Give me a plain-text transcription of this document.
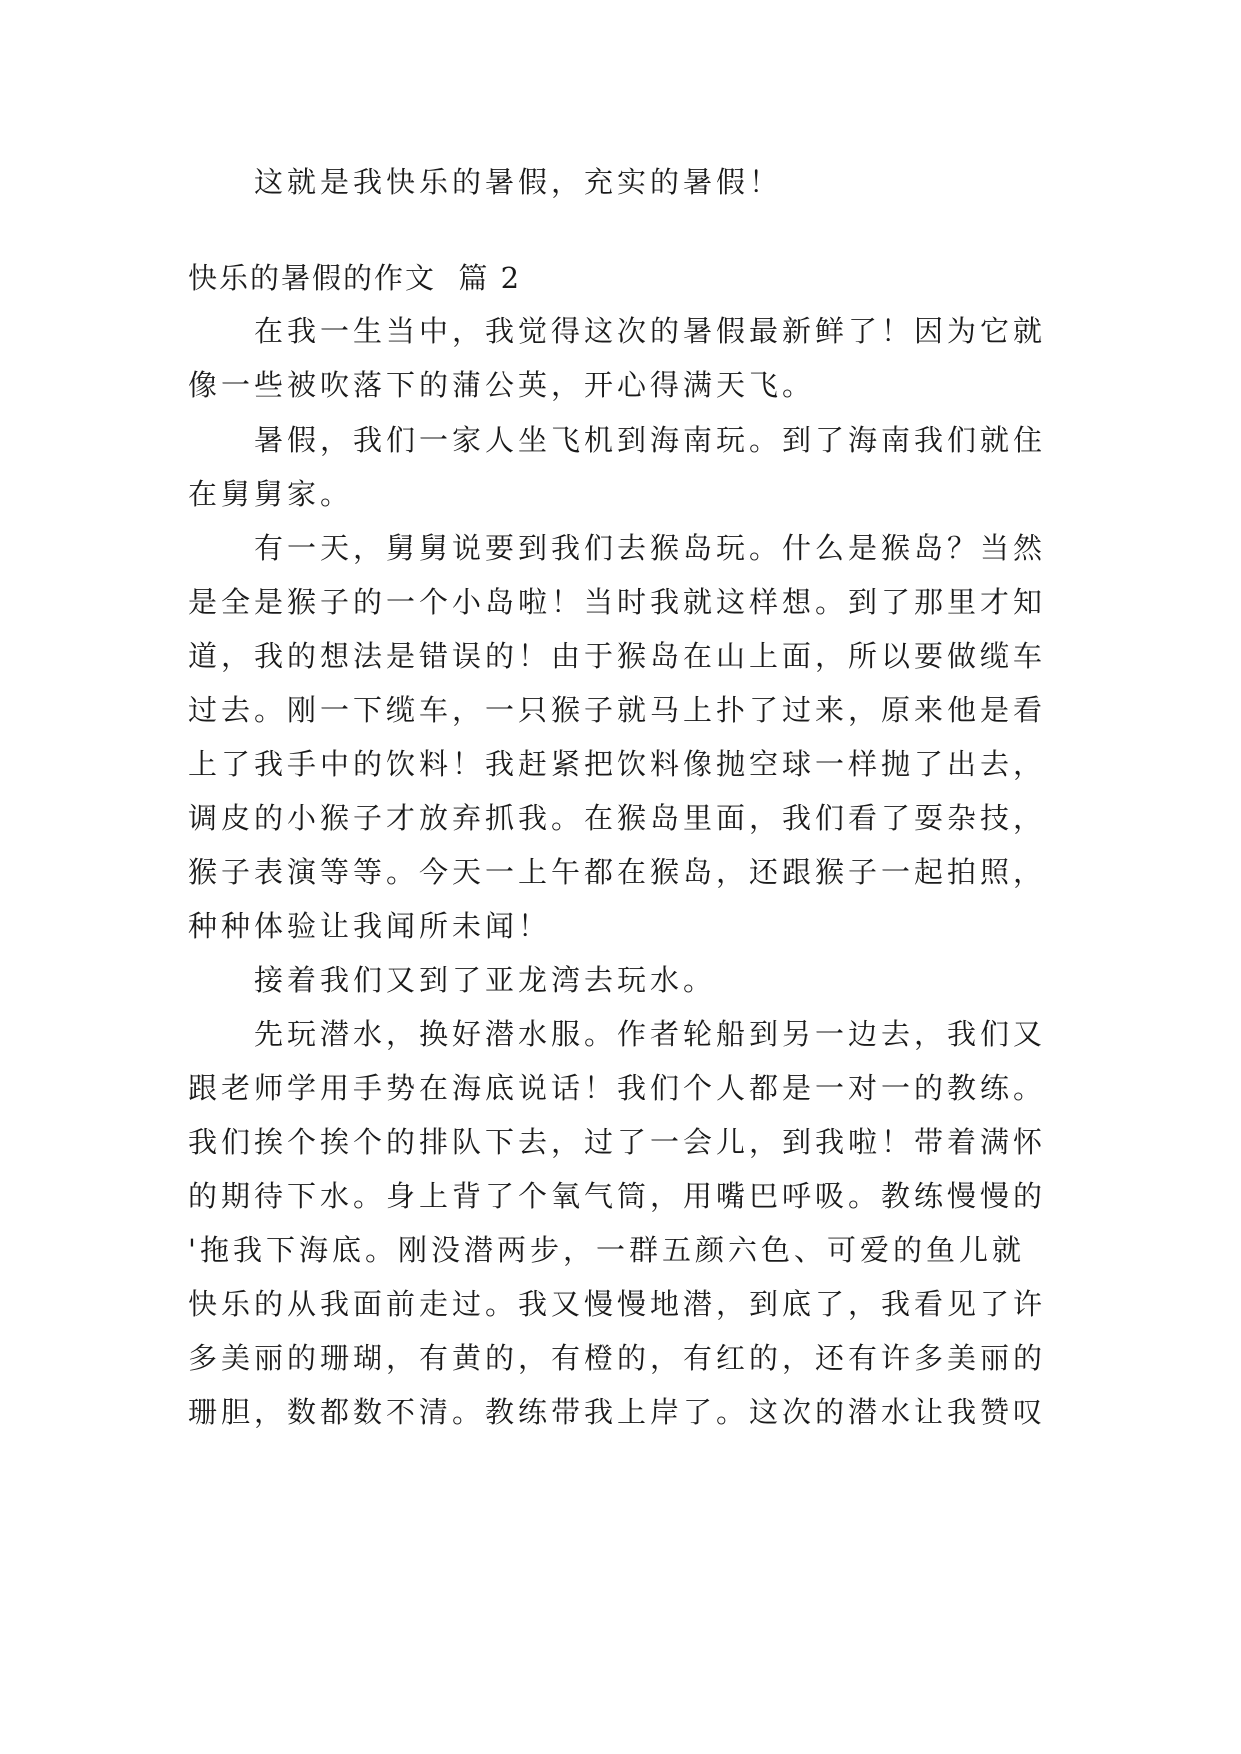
这就是我快乐的暑假，充实的暑假！
快乐的暑假的作文  篇 2
在我一生当中，我觉得这次的暑假最新鲜了！因为它就
像一些被吹落下的蒲公英，开心得满天飞。
暑假，我们一家人坐飞机到海南玩。到了海南我们就住
在舅舅家。
有一天，舅舅说要到我们去猴岛玩。什么是猴岛？当然
是全是猴子的一个小岛啦！当时我就这样想。到了那里才知
道，我的想法是错误的！由于猴岛在山上面，所以要做缆车
过去。刚一下缆车，一只猴子就马上扑了过来，原来他是看
上了我手中的饮料！我赶紧把饮料像抛空球一样抛了出去，
调皮的小猴子才放弃抓我。在猴岛里面，我们看了耍杂技，
猴子表演等等。今天一上午都在猴岛，还跟猴子一起拍照，
种种体验让我闻所未闻！
接着我们又到了亚龙湾去玩水。
先玩潜水，换好潜水服。作者轮船到另一边去，我们又
跟老师学用手势在海底说话！我们个人都是一对一的教练。
我们挨个挨个的排队下去，过了一会儿，到我啦！带着满怀
的期待下水。身上背了个氧气筒，用嘴巴呼吸。教练慢慢的
'拖我下海底。刚没潜两步，一群五颜六色、可爱的鱼儿就
快乐的从我面前走过。我又慢慢地潜，到底了，我看见了许
多美丽的珊瑚，有黄的，有橙的，有红的，还有许多美丽的
珊胆，数都数不清。教练带我上岸了。这次的潜水让我赞叹
